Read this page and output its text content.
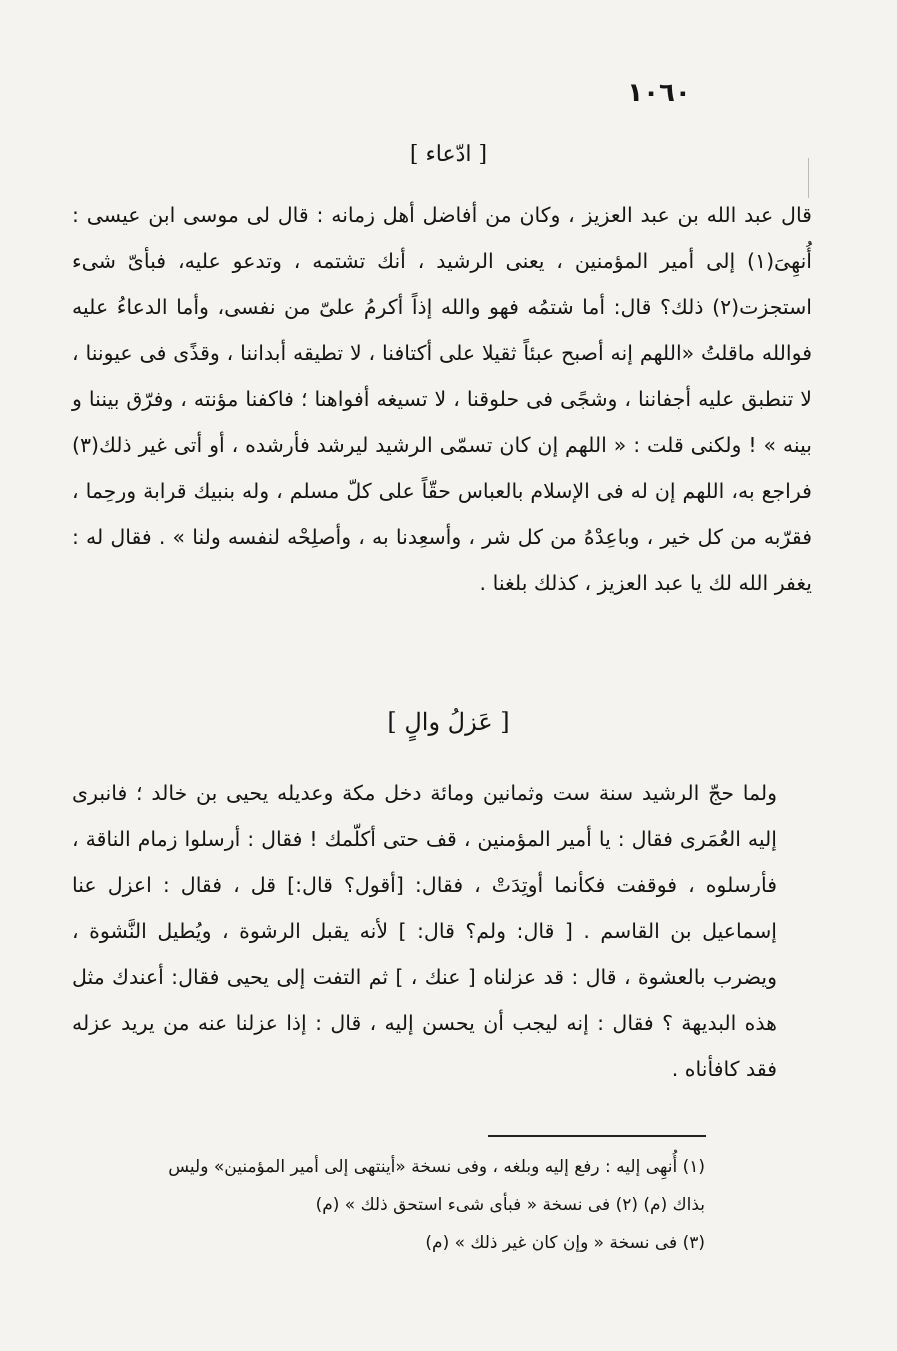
١٠٦٠
[ ادّعاء ]

قال عبد الله بن عبد العزيز ، وكان من أفاضل أهل زمانه : قال لى موسى ابن عيسى : أُنهِىَ(١) إلى أمير المؤمنين ، يعنى الرشيد ، أنك تشتمه ، وتدعو عليه، فبأىّ شىء استجزت(٢) ذلك؟ قال: أما شتمُه فهو والله إذاً أكرمُ علىّ من نفسى، وأما الدعاءُ عليه فوالله ماقلتُ «اللهم إنه أصبح عبئاً ثقيلا على أكتافنا ، لا تطيقه أبداننا ، وقذًى فى عيوننا ، لا تنطبق عليه أجفاننا ، وشجًى فى حلوقنا ، لا تسيغه أفواهنا ؛ فاكفنا مؤنته ، وفرّق بيننا و بينه » ! ولكنى قلت : « اللهم إن كان تسمّى الرشيد ليرشد فأرشده ، أو أتى غير ذلك(٣) فراجع به، اللهم إن له فى الإسلام بالعباس حقّاً على كلّ مسلم ، وله بنبيك قرابة ورحِما ، فقرّبه من كل خير ، وباعِدْهُ من كل شر ، وأسعِدنا به ، وأصلِحْه لنفسه ولنا » . فقال له : يغفر الله لك يا عبد العزيز ، كذلك بلغنا .

[ عَزلُ والٍ ]

ولما حجّ الرشيد سنة ست وثمانين ومائة دخل مكة وعديله يحيى بن خالد ؛ فانبرى إليه العُمَرى فقال : يا أمير المؤمنين ، قف حتى أكلّمك ! فقال : أرسلوا زمام الناقة ، فأرسلوه ، فوقفت فكأنما أوتِدَتْ ، فقال: [أقول؟ قال:] قل ، فقال : اعزل عنا إسماعيل بن القاسم . [ قال: ولم؟ قال: ] لأنه يقبل الرشوة ، ويُطيل النَّشوة ، ويضرب بالعشوة ، قال : قد عزلناه [ عنك ، ] ثم التفت إلى يحيى فقال: أعندك مثل هذه البديهة ؟ فقال : إنه ليجب أن يحسن إليه ، قال : إذا عزلنا عنه من يريد عزله فقد كافأناه .

(١) أُنهِى إليه : رفع إليه وبلغه ، وفى نسخة «أينتهى إلى أمير المؤمنين» وليس
بذاك (م) (٢) فى نسخة « فبأى شىء استحق ذلك » (م)
(٣) فى نسخة « وإن كان غير ذلك » (م)
